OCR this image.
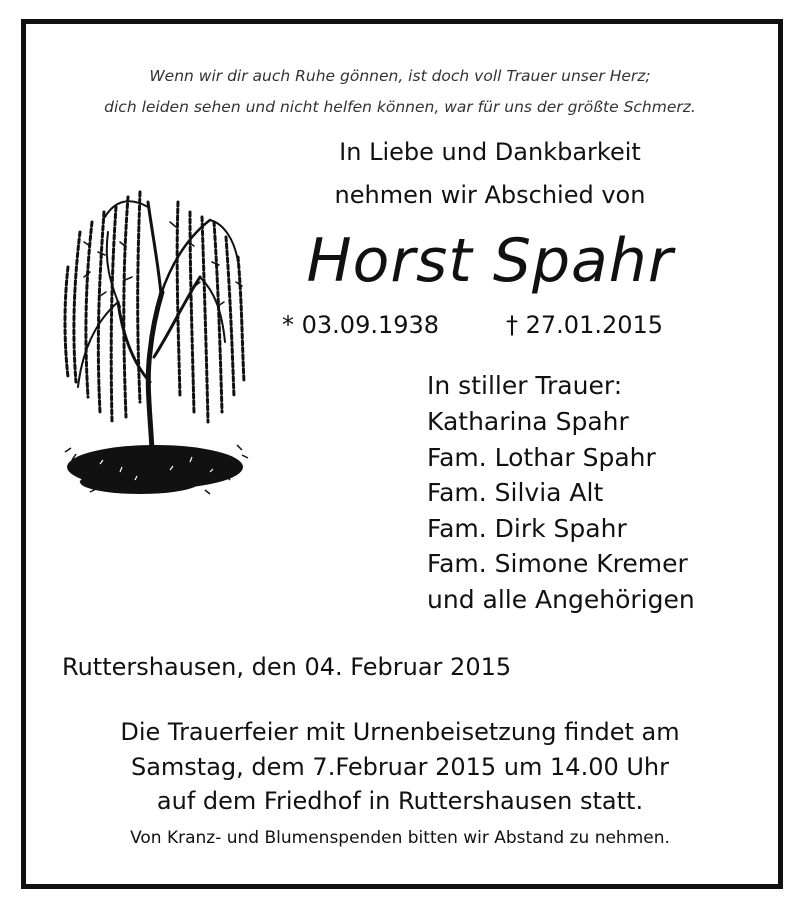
Wenn wir dir auch Ruhe gönnen, ist doch voll Trauer unser Herz;
dich leiden sehen und nicht helfen können, war für uns der größte Schmerz.
In Liebe und Dankbarkeit
nehmen wir Abschied von
Horst Spahr
* 03.09.1938	† 27.01.2015
In stiller Trauer:
Katharina Spahr
Fam. Lothar Spahr
Fam. Silvia Alt
Fam. Dirk Spahr
Fam. Simone Kremer
und alle Angehörigen
Ruttershausen, den 04. Februar 2015
Die Trauerfeier mit Urnenbeisetzung findet am
Samstag, dem 7.Februar 2015 um 14.00 Uhr
auf dem Friedhof in Ruttershausen statt.
Von Kranz- und Blumenspenden bitten wir Abstand zu nehmen.
